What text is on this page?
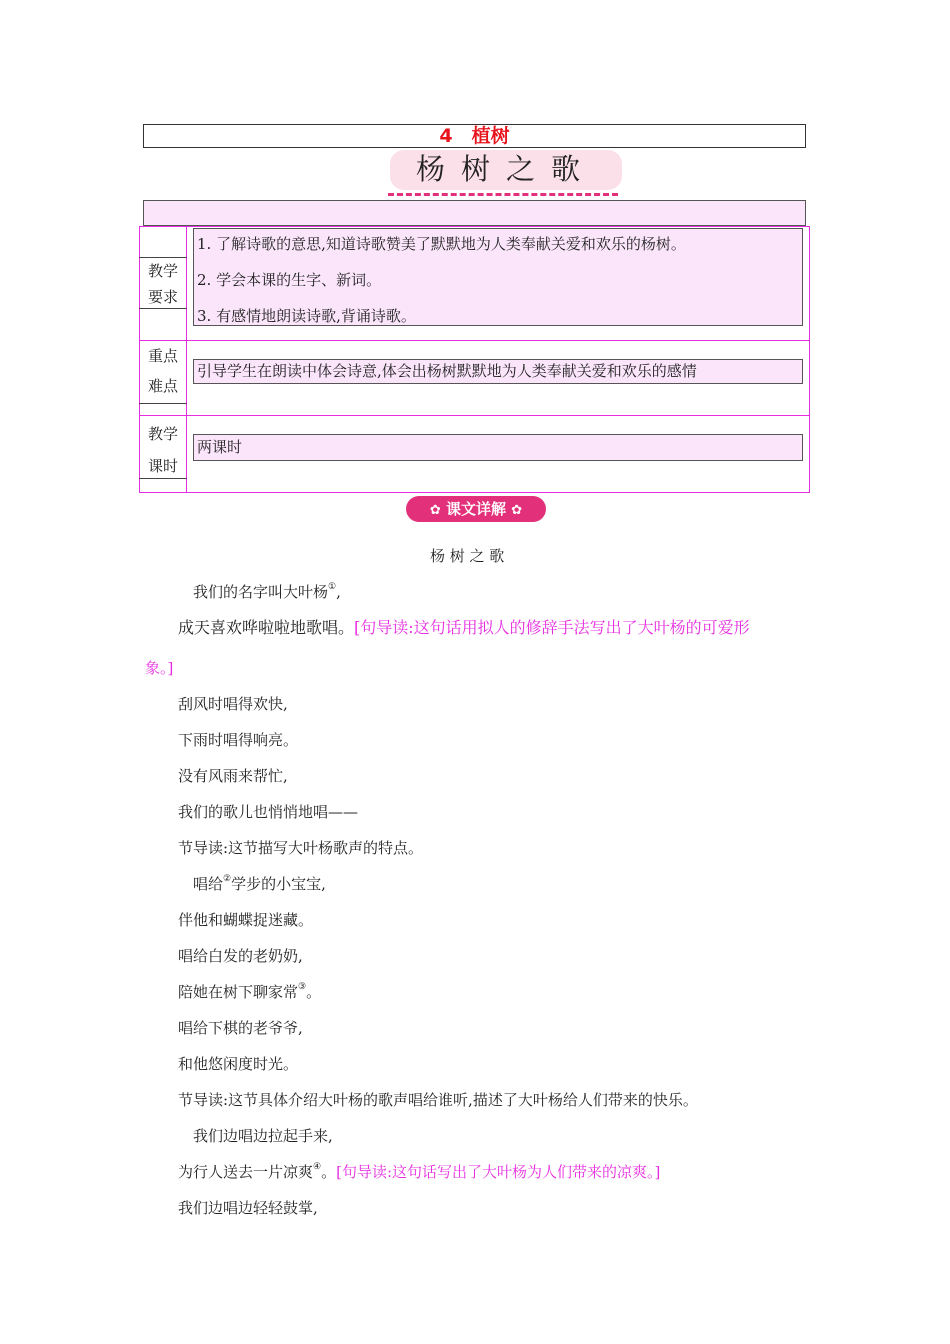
4　植树
杨树之歌
教学
要求
重点
难点
教学
课时
1. 了解诗歌的意思,知道诗歌赞美了默默地为人类奉献关爱和欢乐的杨树。
2. 学会本课的生字、新词。
3. 有感情地朗读诗歌,背诵诗歌。
引导学生在朗读中体会诗意,体会出杨树默默地为人类奉献关爱和欢乐的感情
两课时
✿ 课文详解 ✿
杨 树 之 歌
我们的名字叫大叶杨①,
成天喜欢哗啦啦地歌唱。[句导读:这句话用拟人的修辞手法写出了大叶杨的可爱形
象。]
刮风时唱得欢快,
下雨时唱得响亮。
没有风雨来帮忙,
我们的歌儿也悄悄地唱——
节导读:这节描写大叶杨歌声的特点。
唱给②学步的小宝宝,
伴他和蝴蝶捉迷藏。
唱给白发的老奶奶,
陪她在树下聊家常③。
唱给下棋的老爷爷,
和他悠闲度时光。
节导读:这节具体介绍大叶杨的歌声唱给谁听,描述了大叶杨给人们带来的快乐。
我们边唱边拉起手来,
为行人送去一片凉爽④。[句导读:这句话写出了大叶杨为人们带来的凉爽。]
我们边唱边轻轻鼓掌,
